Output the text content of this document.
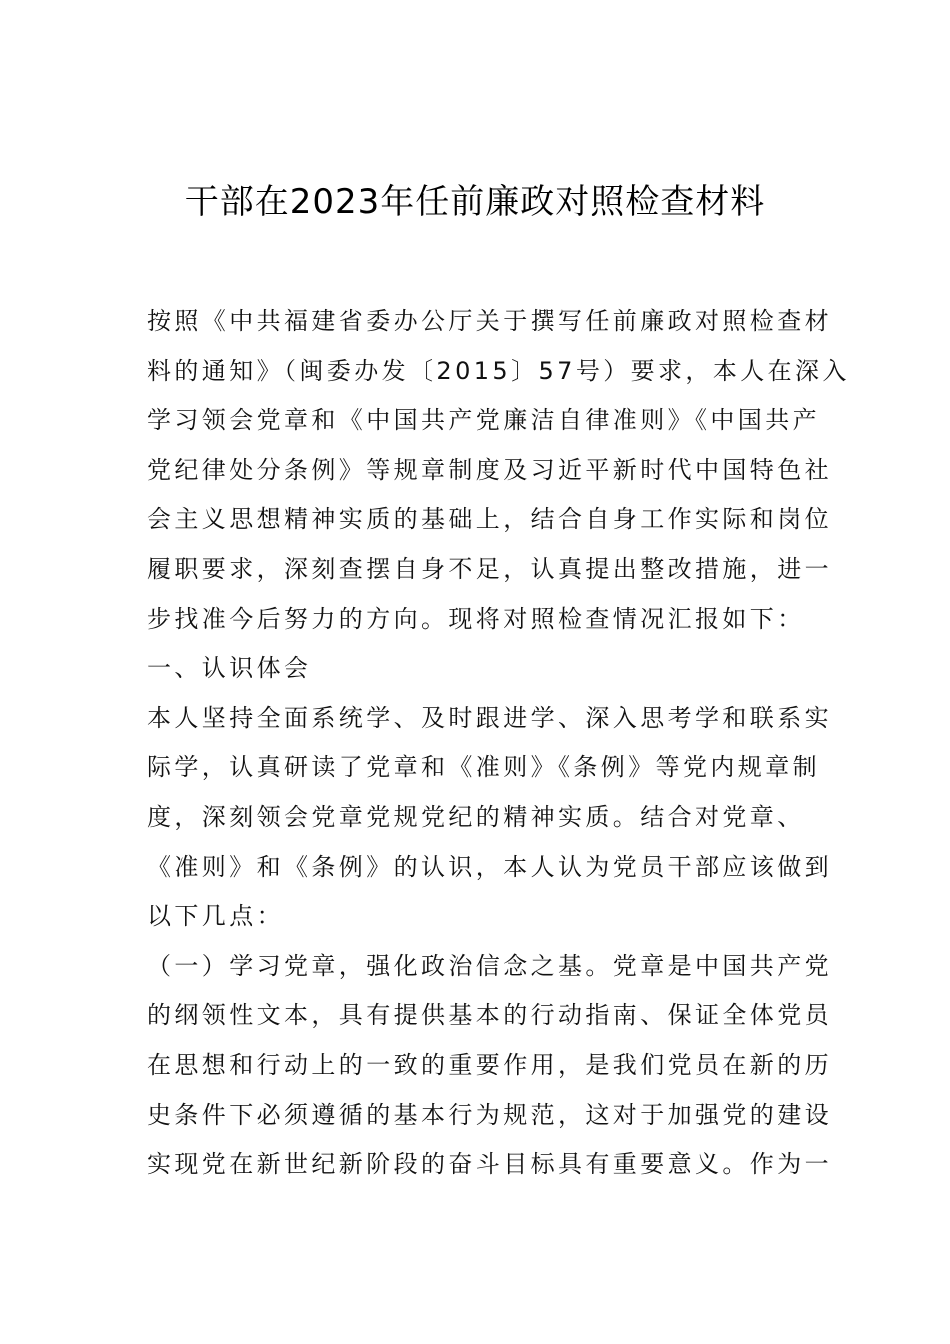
干部在2023年任前廉政对照检查材料
按照《中共福建省委办公厅关于撰写任前廉政对照检查材
料的通知》（闽委办发〔2015〕57号）要求，本人在深入
学习领会党章和《中国共产党廉洁自律准则》《中国共产
党纪律处分条例》等规章制度及习近平新时代中国特色社
会主义思想精神实质的基础上，结合自身工作实际和岗位
履职要求，深刻查摆自身不足，认真提出整改措施，进一
步找准今后努力的方向。现将对照检查情况汇报如下：
一、认识体会
本人坚持全面系统学、及时跟进学、深入思考学和联系实
际学，认真研读了党章和《准则》《条例》等党内规章制
度，深刻领会党章党规党纪的精神实质。结合对党章、
《准则》和《条例》的认识，本人认为党员干部应该做到
以下几点：
（一）学习党章，强化政治信念之基。党章是中国共产党
的纲领性文本，具有提供基本的行动指南、保证全体党员
在思想和行动上的一致的重要作用，是我们党员在新的历
史条件下必须遵循的基本行为规范，这对于加强党的建设
实现党在新世纪新阶段的奋斗目标具有重要意义。作为一
